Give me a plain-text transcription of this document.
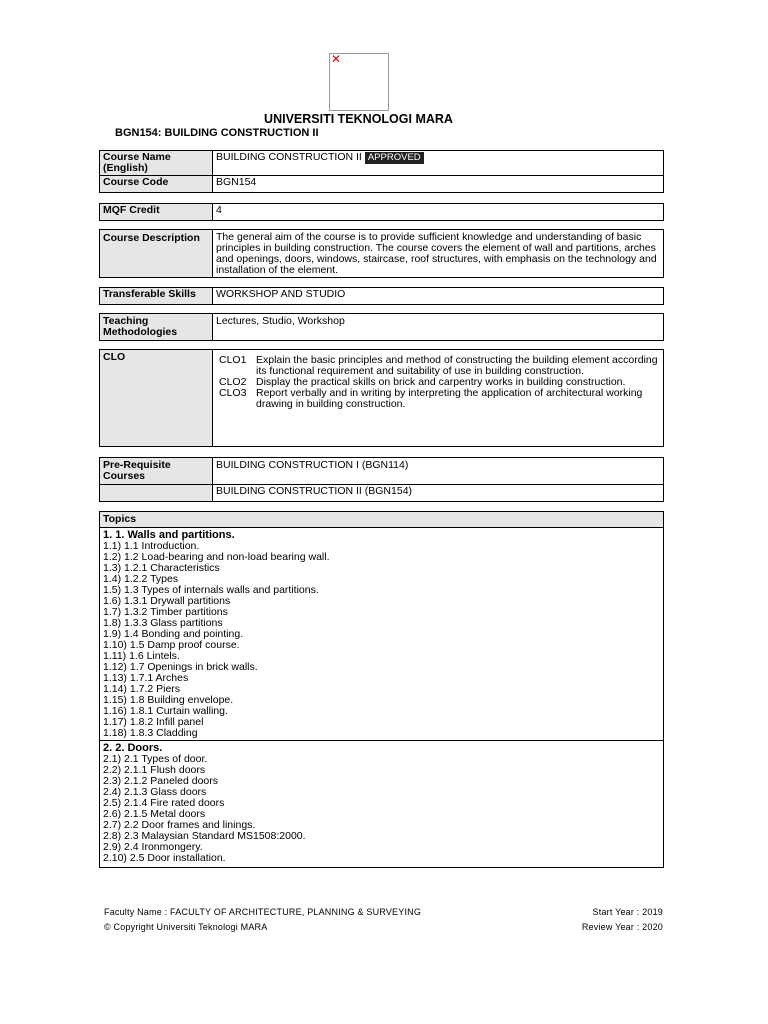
✕
UNIVERSITI TEKNOLOGI MARA
BGN154: BUILDING CONSTRUCTION II
Course Name (English)	BUILDING CONSTRUCTION II APPROVED
Course Code	BGN154
MQF Credit	4
Course Description	The general aim of the course is to provide sufficient knowledge and understanding of basic principles in building construction. The course covers the element of wall and partitions, arches and openings, doors, windows, staircase, roof structures, with emphasis on the technology and installation of the element.
Transferable Skills	WORKSHOP AND STUDIO
Teaching Methodologies	Lectures, Studio, Workshop
CLO	CLO1 Explain the basic principles and method of constructing the building element according its functional requirement and suitability of use in building construction.
CLO2 Display the practical skills on brick and carpentry works in building construction.
CLO3 Report verbally and in writing by interpreting the application of architectural working drawing in building construction.
Pre-Requisite Courses	BUILDING CONSTRUCTION I (BGN114)
	BUILDING CONSTRUCTION II (BGN154)
Topics

1. 1. Walls and partitions.
1.1) 1.1 Introduction.
1.2) 1.2 Load-bearing and non-load bearing wall.
1.3) 1.2.1 Characteristics
1.4) 1.2.2 Types
1.5) 1.3 Types of internals walls and partitions.
1.6) 1.3.1 Drywall partitions
1.7) 1.3.2 Timber partitions
1.8) 1.3.3 Glass partitions
1.9) 1.4 Bonding and pointing.
1.10) 1.5 Damp proof course.
1.11) 1.6 Lintels.
1.12) 1.7 Openings in brick walls.
1.13) 1.7.1 Arches
1.14) 1.7.2 Piers
1.15) 1.8 Building envelope.
1.16) 1.8.1 Curtain walling.
1.17) 1.8.2 Infill panel
1.18) 1.8.3 Cladding

2. 2. Doors.
2.1) 2.1 Types of door.
2.2) 2.1.1 Flush doors
2.3) 2.1.2 Paneled doors
2.4) 2.1.3 Glass doors
2.5) 2.1.4 Fire rated doors
2.6) 2.1.5 Metal doors
2.7) 2.2 Door frames and linings.
2.8) 2.3 Malaysian Standard MS1508:2000.
2.9) 2.4 Ironmongery.
2.10) 2.5 Door installation.
Faculty Name : FACULTY OF ARCHITECTURE, PLANNING & SURVEYING
© Copyright Universiti Teknologi MARA
Start Year : 2019
Review Year : 2020
